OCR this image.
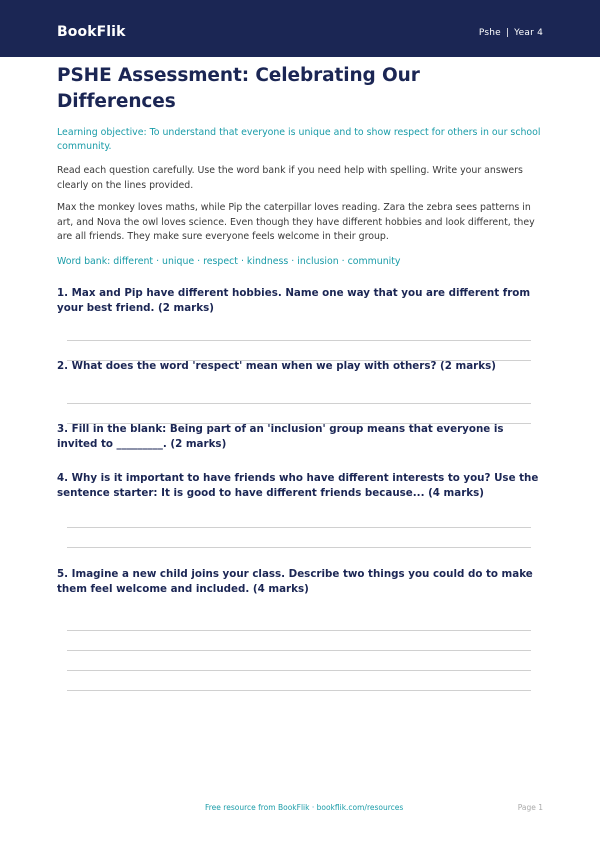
BookFlik	Pshe | Year 4
PSHE Assessment: Celebrating Our Differences
Learning objective: To understand that everyone is unique and to show respect for others in our school community.
Read each question carefully. Use the word bank if you need help with spelling. Write your answers clearly on the lines provided.
Max the monkey loves maths, while Pip the caterpillar loves reading. Zara the zebra sees patterns in art, and Nova the owl loves science. Even though they have different hobbies and look different, they are all friends. They make sure everyone feels welcome in their group.
Word bank: different · unique · respect · kindness · inclusion · community
1. Max and Pip have different hobbies. Name one way that you are different from your best friend. (2 marks)
2. What does the word 'respect' mean when we play with others? (2 marks)
3. Fill in the blank: Being part of an 'inclusion' group means that everyone is invited to _________. (2 marks)
4. Why is it important to have friends who have different interests to you? Use the sentence starter: It is good to have different friends because... (4 marks)
5. Imagine a new child joins your class. Describe two things you could do to make them feel welcome and included. (4 marks)
Free resource from BookFlik · bookflik.com/resources	Page 1
